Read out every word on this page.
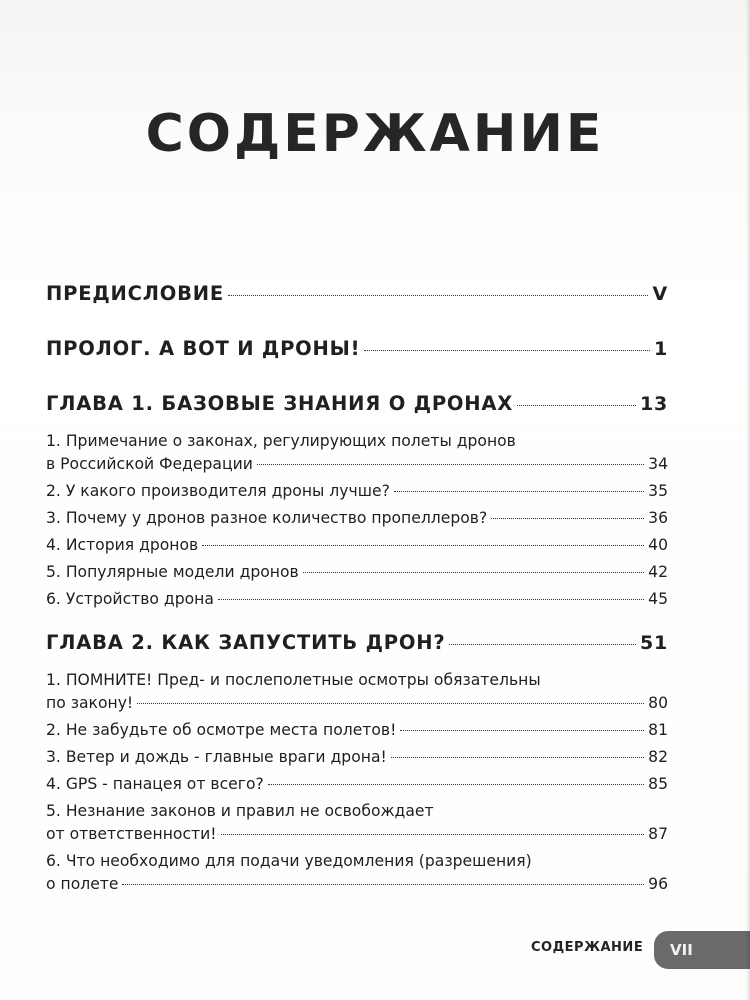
СОДЕРЖАНИЕ
ПРЕДИСЛОВИЕ	V
ПРОЛОГ. А ВОТ И ДРОНЫ!	1
ГЛАВА 1. БАЗОВЫЕ ЗНАНИЯ О ДРОНАХ	13
1. Примечание о законах, регулирующих полеты дронов
в Российской Федерации	34
2. У какого производителя дроны лучше?	35
3. Почему у дронов разное количество пропеллеров?	36
4. История дронов	40
5. Популярные модели дронов	42
6. Устройство дрона	45
ГЛАВА 2. КАК ЗАПУСТИТЬ ДРОН?	51
1. ПОМНИТЕ! Пред- и послеполетные осмотры обязательны
по закону!	80
2. Не забудьте об осмотре места полетов!	81
3. Ветер и дождь - главные враги дрона!	82
4. GPS - панацея от всего?	85
5. Незнание законов и правил не освобождает
от ответственности!	87
6. Что необходимо для подачи уведомления (разрешения)
о полете	96
СОДЕРЖАНИЕ	VII
